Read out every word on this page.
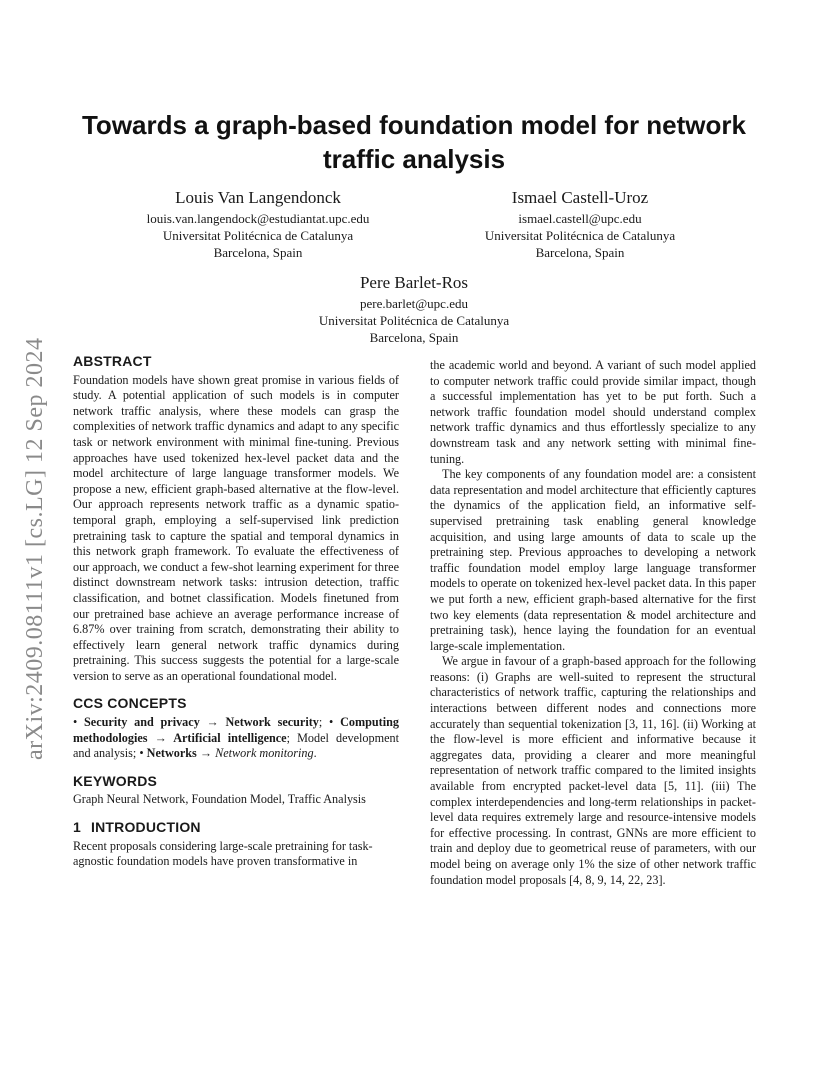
arXiv:2409.08111v1 [cs.LG] 12 Sep 2024
Towards a graph-based foundation model for network traffic analysis
Louis Van Langendonck
louis.van.langendock@estudiantat.upc.edu
Universitat Politécnica de Catalunya
Barcelona, Spain
Ismael Castell-Uroz
ismael.castell@upc.edu
Universitat Politécnica de Catalunya
Barcelona, Spain
Pere Barlet-Ros
pere.barlet@upc.edu
Universitat Politécnica de Catalunya
Barcelona, Spain
ABSTRACT

Foundation models have shown great promise in various fields of study. A potential application of such models is in computer network traffic analysis, where these models can grasp the complexities of network traffic dynamics and adapt to any specific task or network environment with minimal fine-tuning. Previous approaches have used tokenized hex-level packet data and the model architecture of large language transformer models. We propose a new, efficient graph-based alternative at the flow-level. Our approach represents network traffic as a dynamic spatio-temporal graph, employing a self-supervised link prediction pretraining task to capture the spatial and temporal dynamics in this network graph framework. To evaluate the effectiveness of our approach, we conduct a few-shot learning experiment for three distinct downstream network tasks: intrusion detection, traffic classification, and botnet classification. Models finetuned from our pretrained base achieve an average performance increase of 6.87% over training from scratch, demonstrating their ability to effectively learn general network traffic dynamics during pretraining. This success suggests the potential for a large-scale version to serve as an operational foundational model.

CCS CONCEPTS

• Security and privacy → Network security; • Computing methodologies → Artificial intelligence; Model development and analysis; • Networks → Network monitoring.

KEYWORDS

Graph Neural Network, Foundation Model, Traffic Analysis

1 INTRODUCTION

Recent proposals considering large-scale pretraining for task-agnostic foundation models have proven transformative in

the academic world and beyond. A variant of such model applied to computer network traffic could provide similar impact, though a successful implementation has yet to be put forth. Such a network traffic foundation model should understand complex network traffic dynamics and thus effortlessly specialize to any downstream task and any network setting with minimal fine-tuning.

The key components of any foundation model are: a consistent data representation and model architecture that efficiently captures the dynamics of the application field, an informative self-supervised pretraining task enabling general knowledge acquisition, and using large amounts of data to scale up the pretraining step. Previous approaches to developing a network traffic foundation model employ large language transformer models to operate on tokenized hex-level packet data. In this paper we put forth a new, efficient graph-based alternative for the first two key elements (data representation & model architecture and pretraining task), hence laying the foundation for an eventual large-scale implementation.

We argue in favour of a graph-based approach for the following reasons: (i) Graphs are well-suited to represent the structural characteristics of network traffic, capturing the relationships and interactions between different nodes and connections more accurately than sequential tokenization [3, 11, 16]. (ii) Working at the flow-level is more efficient and informative because it aggregates data, providing a clearer and more meaningful representation of network traffic compared to the limited insights available from encrypted packet-level data [5, 11]. (iii) The complex interdependencies and long-term relationships in packet-level data requires extremely large and resource-intensive models for effective processing. In contrast, GNNs are more efficient to train and deploy due to geometrical reuse of parameters, with our model being on average only 1% the size of other network traffic foundation model proposals [4, 8, 9, 14, 22, 23].
